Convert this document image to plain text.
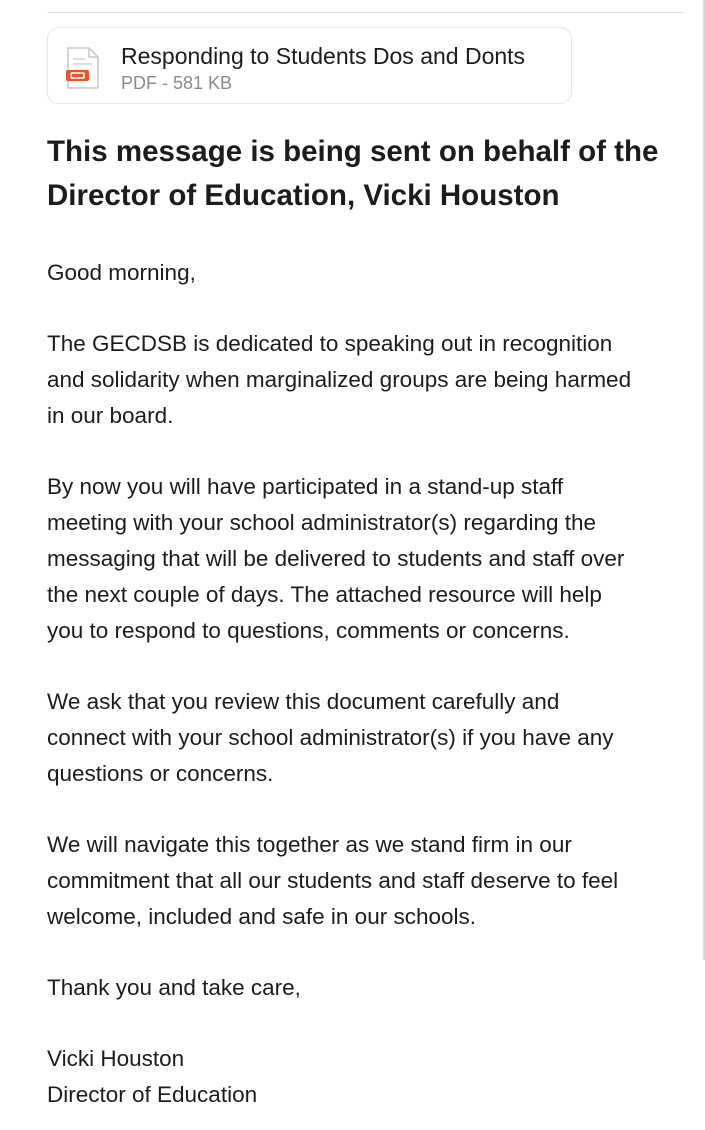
Responding to Students Dos and Donts
PDF - 581 KB
This message is being sent on behalf of the
Director of Education, Vicki Houston

Good morning,

The GECDSB is dedicated to speaking out in recognition
and solidarity when marginalized groups are being harmed
in our board.

By now you will have participated in a stand-up staff
meeting with your school administrator(s) regarding the
messaging that will be delivered to students and staff over
the next couple of days. The attached resource will help
you to respond to questions, comments or concerns.

We ask that you review this document carefully and
connect with your school administrator(s) if you have any
questions or concerns.

We will navigate this together as we stand firm in our
commitment that all our students and staff deserve to feel
welcome, included and safe in our schools.

Thank you and take care,

Vicki Houston
Director of Education
